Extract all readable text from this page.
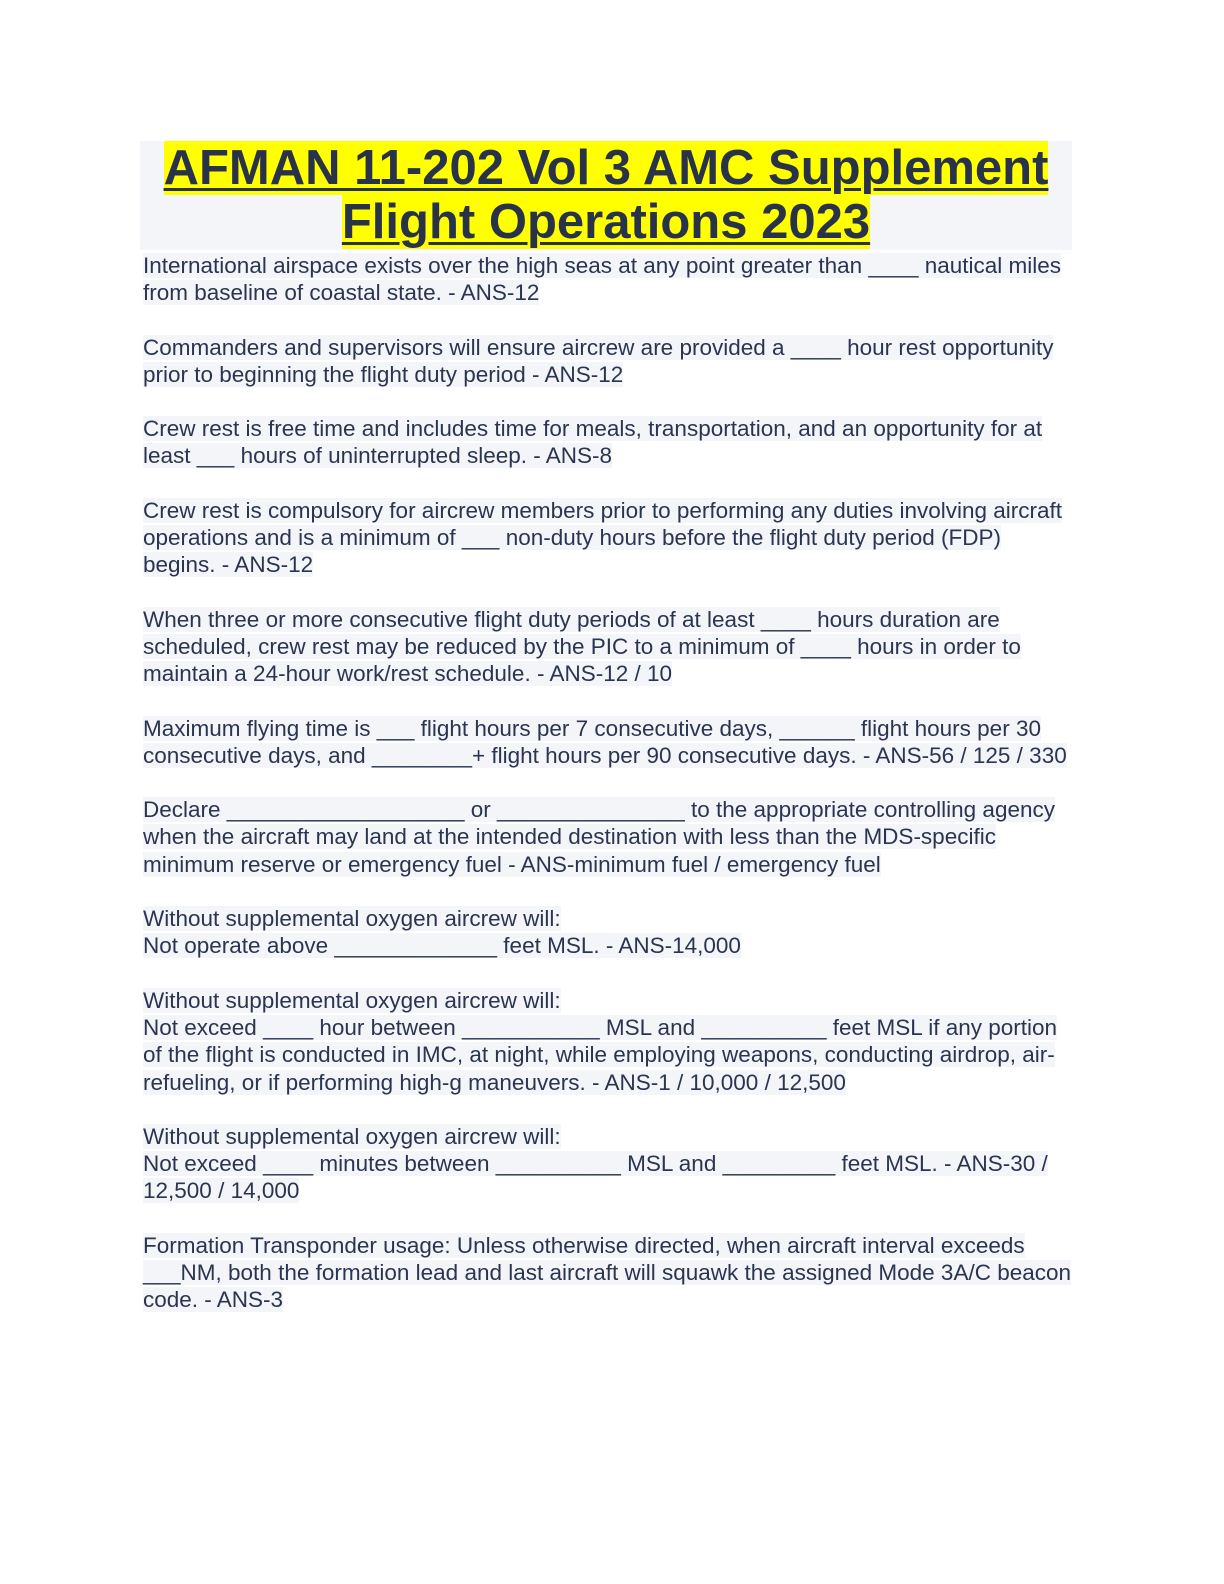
AFMAN 11-202 Vol 3 AMC Supplement
Flight Operations 2023

International airspace exists over the high seas at any point greater than ____ nautical miles from baseline of coastal state. - ANS-12

Commanders and supervisors will ensure aircrew are provided a ____ hour rest opportunity prior to beginning the flight duty period - ANS-12

Crew rest is free time and includes time for meals, transportation, and an opportunity for at least ___ hours of uninterrupted sleep. - ANS-8

Crew rest is compulsory for aircrew members prior to performing any duties involving aircraft operations and is a minimum of ___ non-duty hours before the flight duty period (FDP) begins. - ANS-12

When three or more consecutive flight duty periods of at least ____ hours duration are scheduled, crew rest may be reduced by the PIC to a minimum of ____ hours in order to maintain a 24-hour work/rest schedule. - ANS-12 / 10

Maximum flying time is ___ flight hours per 7 consecutive days, ______ flight hours per 30 consecutive days, and ________+ flight hours per 90 consecutive days. - ANS-56 / 125 / 330

Declare ___________________ or _______________ to the appropriate controlling agency when the aircraft may land at the intended destination with less than the MDS-specific minimum reserve or emergency fuel - ANS-minimum fuel / emergency fuel

Without supplemental oxygen aircrew will:
Not operate above _____________ feet MSL. - ANS-14,000

Without supplemental oxygen aircrew will:
Not exceed ____ hour between ___________ MSL and __________ feet MSL if any portion of the flight is conducted in IMC, at night, while employing weapons, conducting airdrop, air-refueling, or if performing high-g maneuvers. - ANS-1 / 10,000 / 12,500

Without supplemental oxygen aircrew will:
Not exceed ____ minutes between __________ MSL and _________ feet MSL. - ANS-30 / 12,500 / 14,000

Formation Transponder usage: Unless otherwise directed, when aircraft interval exceeds ___NM, both the formation lead and last aircraft will squawk the assigned Mode 3A/C beacon code. - ANS-3
